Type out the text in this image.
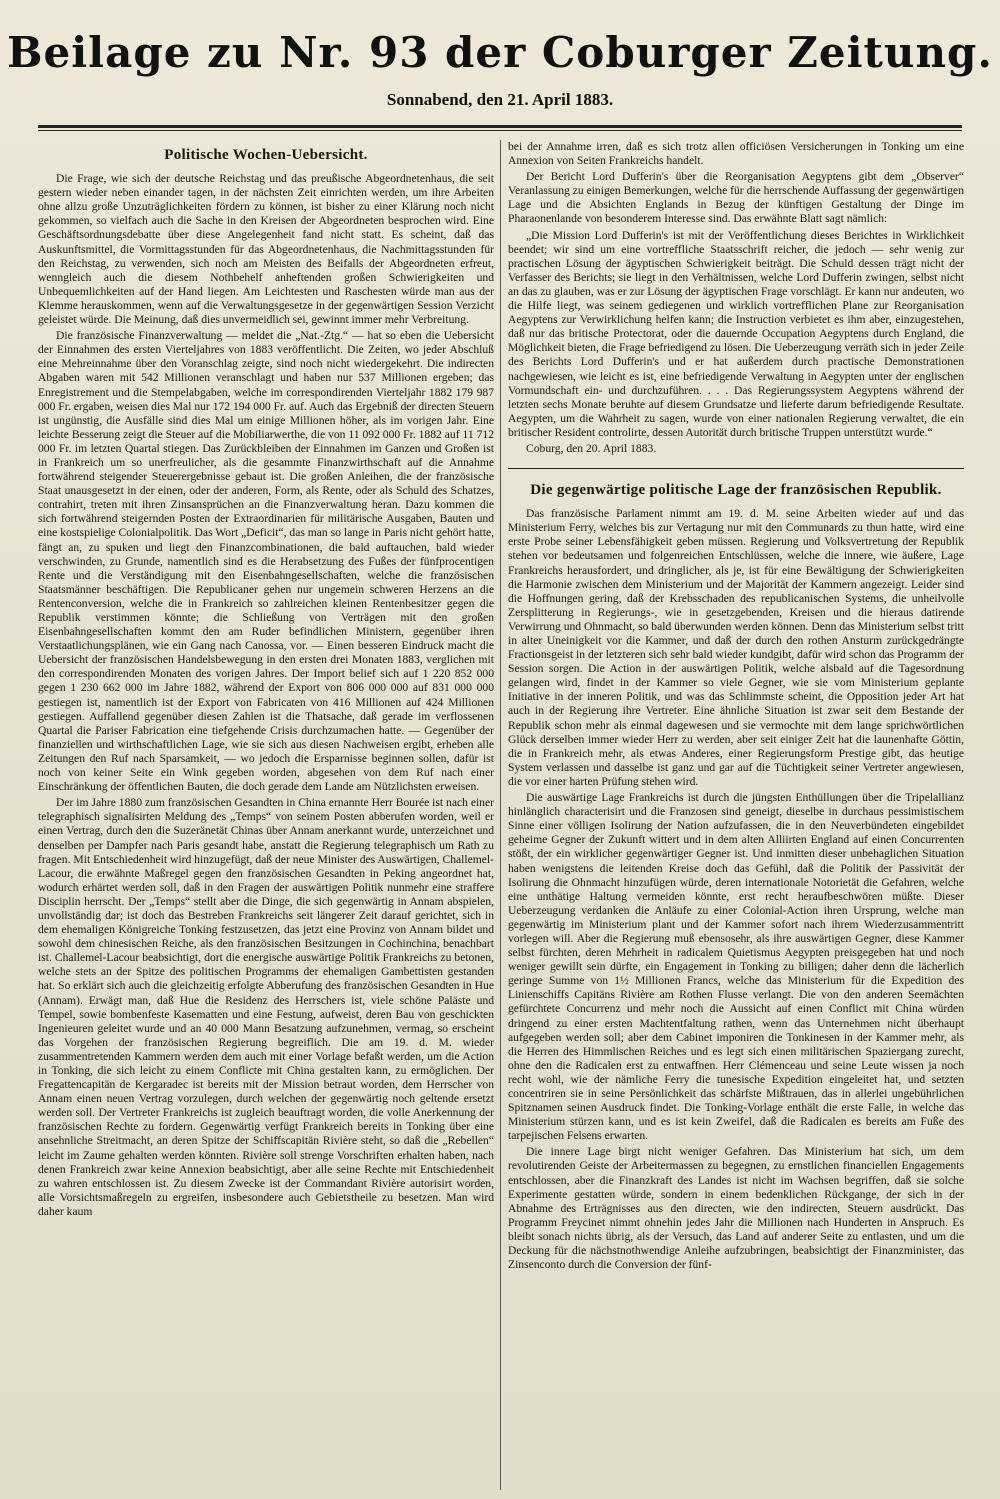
Beilage zu Nr. 93 der Coburger Zeitung.
Sonnabend, den 21. April 1883.
Politische Wochen-Uebersicht.

Die Frage, wie sich der deutsche Reichstag und das preußische Abgeordnetenhaus, die seit gestern wieder neben einander tagen, in der nächsten Zeit einrichten werden, um ihre Arbeiten ohne allzu große Unzuträglichkeiten fördern zu können, ist bisher zu einer Klärung noch nicht gekommen, so vielfach auch die Sache in den Kreisen der Abgeordneten besprochen wird. Eine Geschäftsordnungsdebatte über diese Angelegenheit fand nicht statt. Es scheint, daß das Auskunftsmittel, die Vormittagsstunden für das Abgeordnetenhaus, die Nachmittagsstunden für den Reichstag, zu verwenden, sich noch am Meisten des Beifalls der Abgeordneten erfreut, wenngleich auch die diesem Nothbehelf anheftenden großen Schwierigkeiten und Unbequemlichkeiten auf der Hand liegen. Am Leichtesten und Raschesten würde man aus der Klemme herauskommen, wenn auf die Verwaltungsgesetze in der gegenwärtigen Session Verzicht geleistet würde. Die Meinung, daß dies unvermeidlich sei, gewinnt immer mehr Verbreitung.

Die französische Finanzverwaltung — meldet die „Nat.-Ztg.“ — hat so eben die Uebersicht der Einnahmen des ersten Vierteljahres von 1883 veröffentlicht. Die Zeiten, wo jeder Abschluß eine Mehreinnahme über den Voranschlag zeigte, sind noch nicht wiedergekehrt. Die indirecten Abgaben waren mit 542 Millionen veranschlagt und haben nur 537 Millionen ergeben; das Enregistrement und die Stempelabgaben, welche im correspondirenden Vierteljahr 1882 179 987 000 Fr. ergaben, weisen dies Mal nur 172 194 000 Fr. auf. Auch das Ergebniß der directen Steuern ist ungünstig, die Ausfälle sind dies Mal um einige Millionen höher, als im vorigen Jahr. Eine leichte Besserung zeigt die Steuer auf die Mobiliarwerthe, die von 11 092 000 Fr. 1882 auf 11 712 000 Fr. im letzten Quartal stiegen. Das Zurückbleiben der Einnahmen im Ganzen und Großen ist in Frankreich um so unerfreulicher, als die gesammte Finanzwirthschaft auf die Annahme fortwährend steigender Steuerergebnisse gebaut ist. Die großen Anleihen, die der französische Staat unausgesetzt in der einen, oder der anderen, Form, als Rente, oder als Schuld des Schatzes, contrahirt, treten mit ihren Zinsansprüchen an die Finanzverwaltung heran. Dazu kommen die sich fortwährend steigernden Posten der Extraordinarien für militärische Ausgaben, Bauten und eine kostspielige Colonialpolitik. Das Wort „Deficit“, das man so lange in Paris nicht gehört hatte, fängt an, zu spuken und liegt den Finanzcombinationen, die bald auftauchen, bald wieder verschwinden, zu Grunde, namentlich sind es die Herabsetzung des Fußes der fünfprocentigen Rente und die Verständigung mit den Eisenbahngesellschaften, welche die französischen Staatsmänner beschäftigen. Die Republicaner gehen nur ungemein schweren Herzens an die Rentenconversion, welche die in Frankreich so zahlreichen kleinen Rentenbesitzer gegen die Republik verstimmen könnte; die Schließung von Verträgen mit den großen Eisenbahngesellschaften kommt den am Ruder befindlichen Ministern, gegenüber ihren Verstaatlichungsplänen, wie ein Gang nach Canossa, vor. — Einen besseren Eindruck macht die Uebersicht der französischen Handelsbewegung in den ersten drei Monaten 1883, verglichen mit den correspondirenden Monaten des vorigen Jahres. Der Import belief sich auf 1 220 852 000 gegen 1 230 662 000 im Jahre 1882, während der Export von 806 000 000 auf 831 000 000 gestiegen ist, namentlich ist der Export von Fabricaten von 416 Millionen auf 424 Millionen gestiegen. Auffallend gegenüber diesen Zahlen ist die Thatsache, daß gerade im verflossenen Quartal die Pariser Fabrication eine tiefgehende Crisis durchzumachen hatte. — Gegenüber der finanziellen und wirthschaftlichen Lage, wie sie sich aus diesen Nachweisen ergibt, erheben alle Zeitungen den Ruf nach Sparsamkeit, — wo jedoch die Ersparnisse beginnen sollen, dafür ist noch von keiner Seite ein Wink gegeben worden, abgesehen von dem Ruf nach einer Einschränkung der öffentlichen Bauten, die doch gerade dem Lande am Nützlichsten erweisen.

Der im Jahre 1880 zum französischen Gesandten in China ernannte Herr Bourée ist nach einer telegraphisch signalisirten Meldung des „Temps“ von seinem Posten abberufen worden, weil er einen Vertrag, durch den die Suzeränetät Chinas über Annam anerkannt wurde, unterzeichnet und denselben per Dampfer nach Paris gesandt habe, anstatt die Regierung telegraphisch um Rath zu fragen. Mit Entschiedenheit wird hinzugefügt, daß der neue Minister des Auswärtigen, Challemel-Lacour, die erwähnte Maßregel gegen den französischen Gesandten in Peking angeordnet hat, wodurch erhärtet werden soll, daß in den Fragen der auswärtigen Politik nunmehr eine straffere Disciplin herrscht. Der „Temps“ stellt aber die Dinge, die sich gegenwärtig in Annam abspielen, unvollständig dar; ist doch das Bestreben Frankreichs seit längerer Zeit darauf gerichtet, sich in dem ehemaligen Königreiche Tonking festzusetzen, das jetzt eine Provinz von Annam bildet und sowohl dem chinesischen Reiche, als den französischen Besitzungen in Cochinchina, benachbart ist. Challemel-Lacour beabsichtigt, dort die energische auswärtige Politik Frankreichs zu betonen, welche stets an der Spitze des politischen Programms der ehemaligen Gambettisten gestanden hat. So erklärt sich auch die gleichzeitig erfolgte Abberufung des französischen Gesandten in Hue (Annam). Erwägt man, daß Hue die Residenz des Herrschers ist, viele schöne Paläste und Tempel, sowie bombenfeste Kasematten und eine Festung, aufweist, deren Bau von geschickten Ingenieuren geleitet wurde und an 40 000 Mann Besatzung aufzunehmen, vermag, so erscheint das Vorgehen der französischen Regierung begreiflich. Die am 19. d. M. wieder zusammentretenden Kammern werden dem auch mit einer Vorlage befaßt werden, um die Action in Tonking, die sich leicht zu einem Conflicte mit China gestalten kann, zu ermöglichen. Der Fregattencapitän de Kergaradec ist bereits mit der Mission betraut worden, dem Herrscher von Annam einen neuen Vertrag vorzulegen, durch welchen der gegenwärtig noch geltende ersetzt werden soll. Der Vertreter Frankreichs ist zugleich beauftragt worden, die volle Anerkennung der französischen Rechte zu fordern. Gegenwärtig verfügt Frankreich bereits in Tonking über eine ansehnliche Streitmacht, an deren Spitze der Schiffscapitän Rivière steht, so daß die „Rebellen“ leicht im Zaume gehalten werden könnten. Rivière soll strenge Vorschriften erhalten haben, nach denen Frankreich zwar keine Annexion beabsichtigt, aber alle seine Rechte mit Entschiedenheit zu wahren entschlossen ist. Zu diesem Zwecke ist der Commandant Rivière autorisirt worden, alle Vorsichtsmaßregeln zu ergreifen, insbesondere auch Gebietstheile zu besetzen. Man wird daher kaum

bei der Annahme irren, daß es sich trotz allen officiösen Versicherungen in Tonking um eine Annexion von Seiten Frankreichs handelt.

Der Bericht Lord Dufferin's über die Reorganisation Aegyptens gibt dem „Observer“ Veranlassung zu einigen Bemerkungen, welche für die herrschende Auffassung der gegenwärtigen Lage und die Absichten Englands in Bezug der künftigen Gestaltung der Dinge im Pharaonenlande von besonderem Interesse sind. Das erwähnte Blatt sagt nämlich:

„Die Mission Lord Dufferin's ist mit der Veröffentlichung dieses Berichtes in Wirklichkeit beendet; wir sind um eine vortreffliche Staatsschrift reicher, die jedoch — sehr wenig zur practischen Lösung der ägyptischen Schwierigkeit beiträgt. Die Schuld dessen trägt nicht der Verfasser des Berichts; sie liegt in den Verhältnissen, welche Lord Dufferin zwingen, selbst nicht an das zu glauben, was er zur Lösung der ägyptischen Frage vorschlägt. Er kann nur andeuten, wo die Hilfe liegt, was seinem gediegenen und wirklich vortrefflichen Plane zur Reorganisation Aegyptens zur Verwirklichung helfen kann; die Instruction verbietet es ihm aber, einzugestehen, daß nur das britische Protectorat, oder die dauernde Occupation Aegyptens durch England, die Möglichkeit bieten, die Frage befriedigend zu lösen. Die Ueberzeugung verräth sich in jeder Zeile des Berichts Lord Dufferin's und er hat außerdem durch practische Demonstrationen nachgewiesen, wie leicht es ist, eine befriedigende Verwaltung in Aegypten unter der englischen Vormundschaft ein- und durchzuführen. . . . Das Regierungssystem Aegyptens während der letzten sechs Monate beruhte auf diesem Grundsatze und lieferte darum befriedigende Resultate. Aegypten, um die Wahrheit zu sagen, wurde von einer nationalen Regierung verwaltet, die ein britischer Resident controlirte, dessen Autorität durch britische Truppen unterstützt wurde.“

Coburg, den 20. April 1883.
Die gegenwärtige politische Lage der französischen Republik.

Das französische Parlament nimmt am 19. d. M. seine Arbeiten wieder auf und das Ministerium Ferry, welches bis zur Vertagung nur mit den Communards zu thun hatte, wird eine erste Probe seiner Lebensfähigkeit geben müssen. Regierung und Volksvertretung der Republik stehen vor bedeutsamen und folgenreichen Entschlüssen, welche die innere, wie äußere, Lage Frankreichs herausfordert, und dringlicher, als je, ist für eine Bewältigung der Schwierigkeiten die Harmonie zwischen dem Ministerium und der Majorität der Kammern angezeigt. Leider sind die Hoffnungen gering, daß der Krebsschaden des republicanischen Systems, die unheilvolle Zersplitterung in Regierungs-, wie in gesetzgebenden, Kreisen und die hieraus datirende Verwirrung und Ohnmacht, so bald überwunden werden können. Denn das Ministerium selbst tritt in alter Uneinigkeit vor die Kammer, und daß der durch den rothen Ansturm zurückgedrängte Fractionsgeist in der letzteren sich sehr bald wieder kundgibt, dafür wird schon das Programm der Session sorgen. Die Action in der auswärtigen Politik, welche alsbald auf die Tagesordnung gelangen wird, findet in der Kammer so viele Gegner, wie sie vom Ministerium geplante Initiative in der inneren Politik, und was das Schlimmste scheint, die Opposition jeder Art hat auch in der Regierung ihre Vertreter. Eine ähnliche Situation ist zwar seit dem Bestande der Republik schon mehr als einmal dagewesen und sie vermochte mit dem lange sprichwörtlichen Glück derselben immer wieder Herr zu werden, aber seit einiger Zeit hat die launenhafte Göttin, die in Frankreich mehr, als etwas Anderes, einer Regierungsform Prestige gibt, das heutige System verlassen und dasselbe ist ganz und gar auf die Tüchtigkeit seiner Vertreter angewiesen, die vor einer harten Prüfung stehen wird.

Die auswärtige Lage Frankreichs ist durch die jüngsten Enthüllungen über die Tripelallianz hinlänglich characterisirt und die Franzosen sind geneigt, dieselbe in durchaus pessimistischem Sinne einer völligen Isolirung der Nation aufzufassen, die in den Neuverbündeten eingebildet geheime Gegner der Zukunft wittert und in dem alten Alliirten England auf einen Concurrenten stößt, der ein wirklicher gegenwärtiger Gegner ist. Und inmitten dieser unbehaglichen Situation haben wenigstens die leitenden Kreise doch das Gefühl, daß die Politik der Passivität der Isolirung die Ohnmacht hinzufügen würde, deren internationale Notorietät die Gefahren, welche eine unthätige Haltung vermeiden könnte, erst recht heraufbeschwören müßte. Dieser Ueberzeugung verdanken die Anläufe zu einer Colonial-Action ihren Ursprung, welche man gegenwärtig im Ministerium plant und der Kammer sofort nach ihrem Wiederzusammentritt vorlegen will. Aber die Regierung muß ebensosehr, als ihre auswärtigen Gegner, diese Kammer selbst fürchten, deren Mehrheit in radicalem Quietismus Aegypten preisgegeben hat und noch weniger gewillt sein dürfte, ein Engagement in Tonking zu billigen; daher denn die lächerlich geringe Summe von 1½ Millionen Francs, welche das Ministerium für die Expedition des Linienschiffs Capitäns Rivière am Rothen Flusse verlangt. Die von den anderen Seemächten gefürchtete Concurrenz und mehr noch die Aussicht auf einen Conflict mit China würden dringend zu einer ersten Machtentfaltung rathen, wenn das Unternehmen nicht überhaupt aufgegeben werden soll; aber dem Cabinet imponiren die Tonkinesen in der Kammer mehr, als die Herren des Himmlischen Reiches und es legt sich einen militärischen Spaziergang zurecht, ohne den die Radicalen erst zu entwaffnen. Herr Clémenceau und seine Leute wissen ja noch recht wohl, wie der nämliche Ferry die tunesische Expedition eingeleitet hat, und setzten concentriren sie in seine Persönlichkeit das schärfste Mißtrauen, das in allerlei ungebührlichen Spitznamen seinen Ausdruck findet. Die Tonking-Vorlage enthält die erste Falle, in welche das Ministerium stürzen kann, und es ist kein Zweifel, daß die Radicalen es bereits am Fuße des tarpejischen Felsens erwarten.

Die innere Lage birgt nicht weniger Gefahren. Das Ministerium hat sich, um dem revolutirenden Geiste der Arbeitermassen zu begegnen, zu ernstlichen financiellen Engagements entschlossen, aber die Finanzkraft des Landes ist nicht im Wachsen begriffen, daß sie solche Experimente gestatten würde, sondern in einem bedenklichen Rückgange, der sich in der Abnahme des Erträgnisses aus den directen, wie den indirecten, Steuern ausdrückt. Das Programm Freycinet nimmt ohnehin jedes Jahr die Millionen nach Hunderten in Anspruch. Es bleibt sonach nichts übrig, als der Versuch, das Land auf anderer Seite zu entlasten, und um die Deckung für die nächstnothwendige Anleihe aufzubringen, beabsichtigt der Finanzminister, das Zinsenconto durch die Conversion der fünf-
